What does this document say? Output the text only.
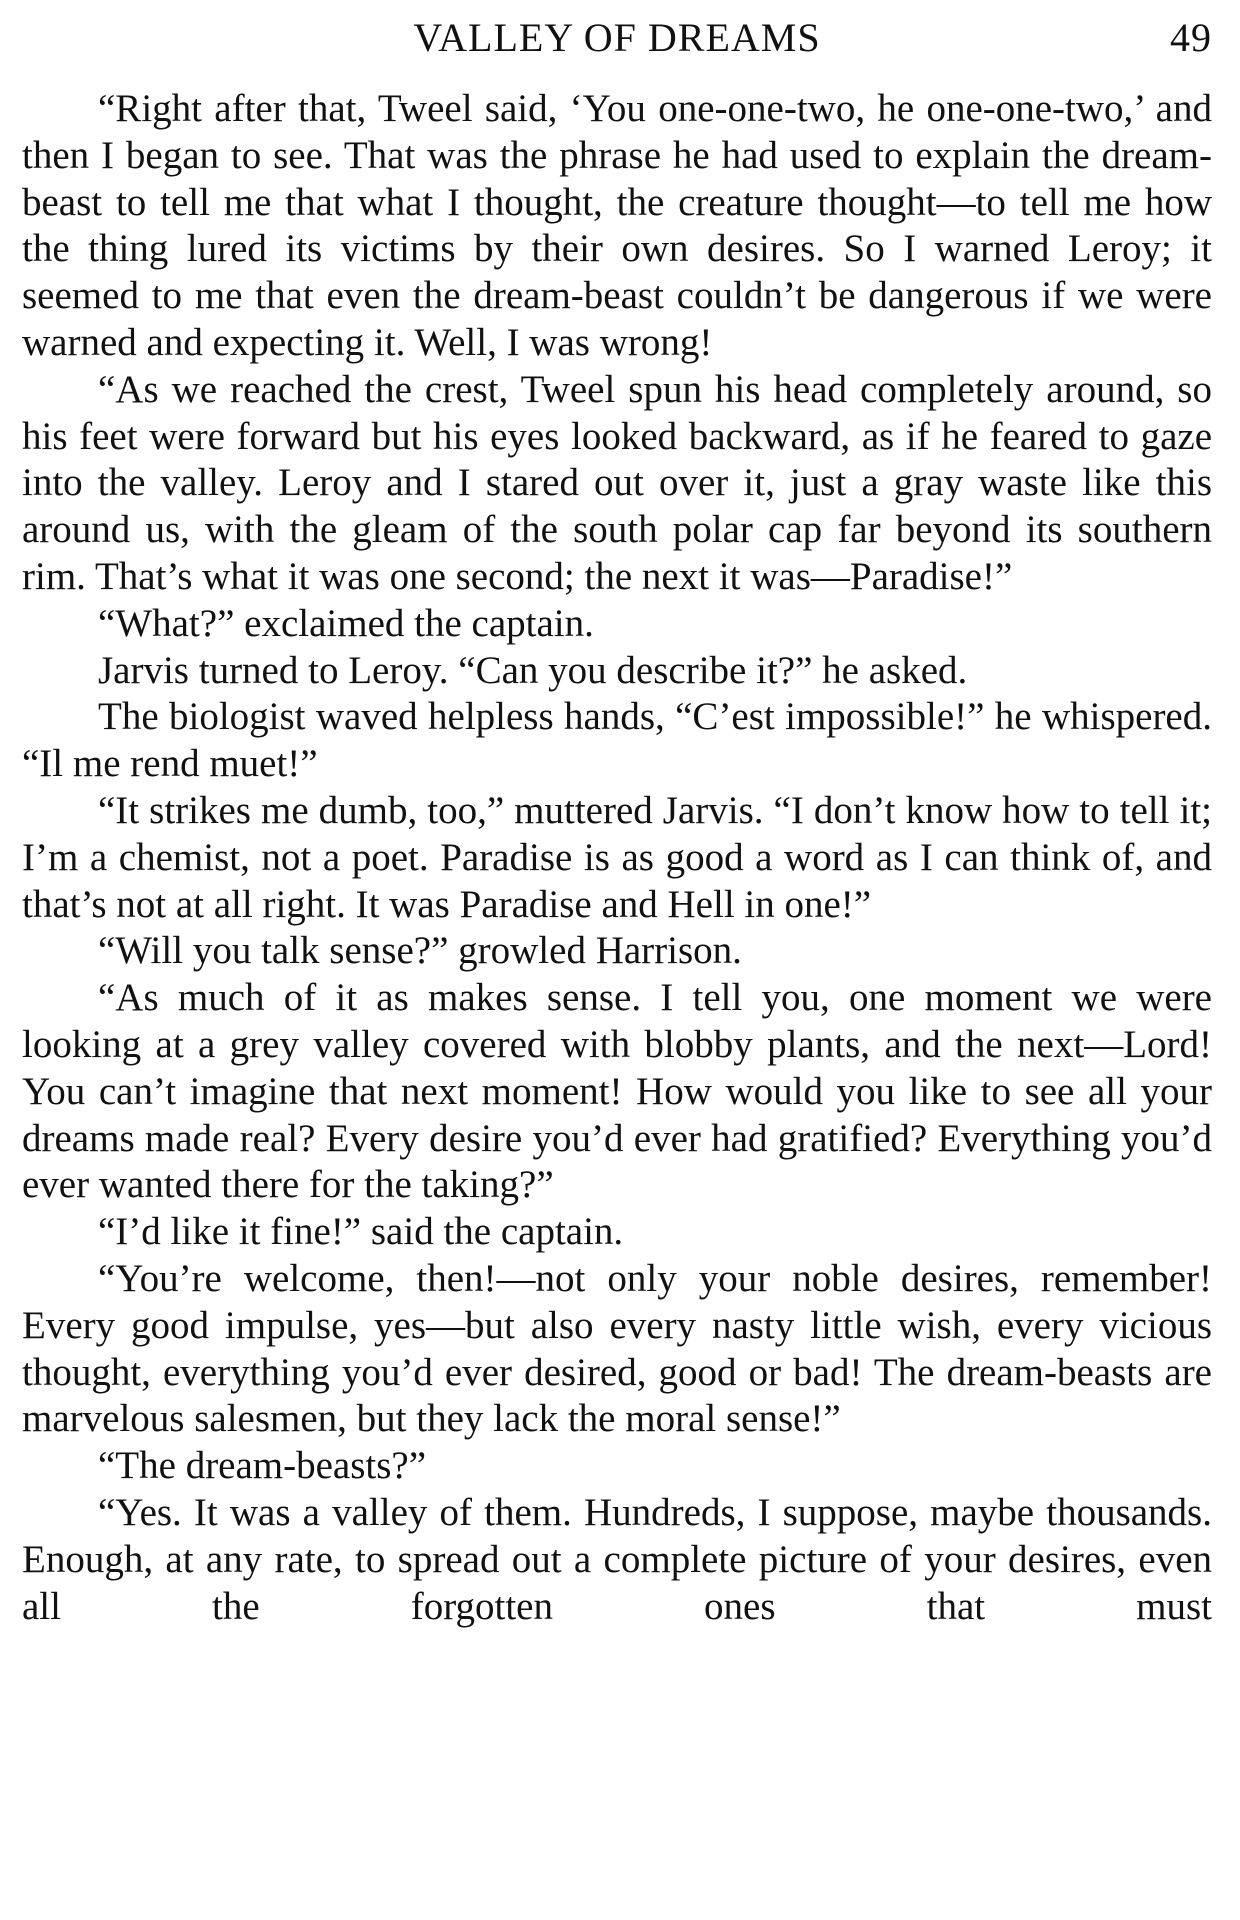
VALLEY OF DREAMS	49

“Right after that, Tweel said, ‘You one-one-two, he one-one-two,’ and then I began to see. That was the phrase he had used to explain the dream-beast to tell me that what I thought, the creature thought—to tell me how the thing lured its victims by their own desires. So I warned Leroy; it seemed to me that even the dream-beast couldn’t be dangerous if we were warned and expecting it. Well, I was wrong!

“As we reached the crest, Tweel spun his head completely around, so his feet were forward but his eyes looked backward, as if he feared to gaze into the valley. Leroy and I stared out over it, just a gray waste like this around us, with the gleam of the south polar cap far beyond its southern rim. That’s what it was one second; the next it was—Paradise!”

“What?” exclaimed the captain.

Jarvis turned to Leroy. “Can you describe it?” he asked.

The biologist waved helpless hands, “C’est impossible!” he whispered. “Il me rend muet!”

“It strikes me dumb, too,” muttered Jarvis. “I don’t know how to tell it; I’m a chemist, not a poet. Paradise is as good a word as I can think of, and that’s not at all right. It was Paradise and Hell in one!”

“Will you talk sense?” growled Harrison.

“As much of it as makes sense. I tell you, one moment we were looking at a grey valley covered with blobby plants, and the next—Lord! You can’t imagine that next moment! How would you like to see all your dreams made real? Every desire you’d ever had gratified? Everything you’d ever wanted there for the taking?”

“I’d like it fine!” said the captain.

“You’re welcome, then!—not only your noble desires, remember! Every good impulse, yes—but also every nasty little wish, every vicious thought, everything you’d ever desired, good or bad! The dream-beasts are marvelous salesmen, but they lack the moral sense!”

“The dream-beasts?”

“Yes. It was a valley of them. Hundreds, I suppose, maybe thousands. Enough, at any rate, to spread out a complete picture of your desires, even all the forgotten ones that must
